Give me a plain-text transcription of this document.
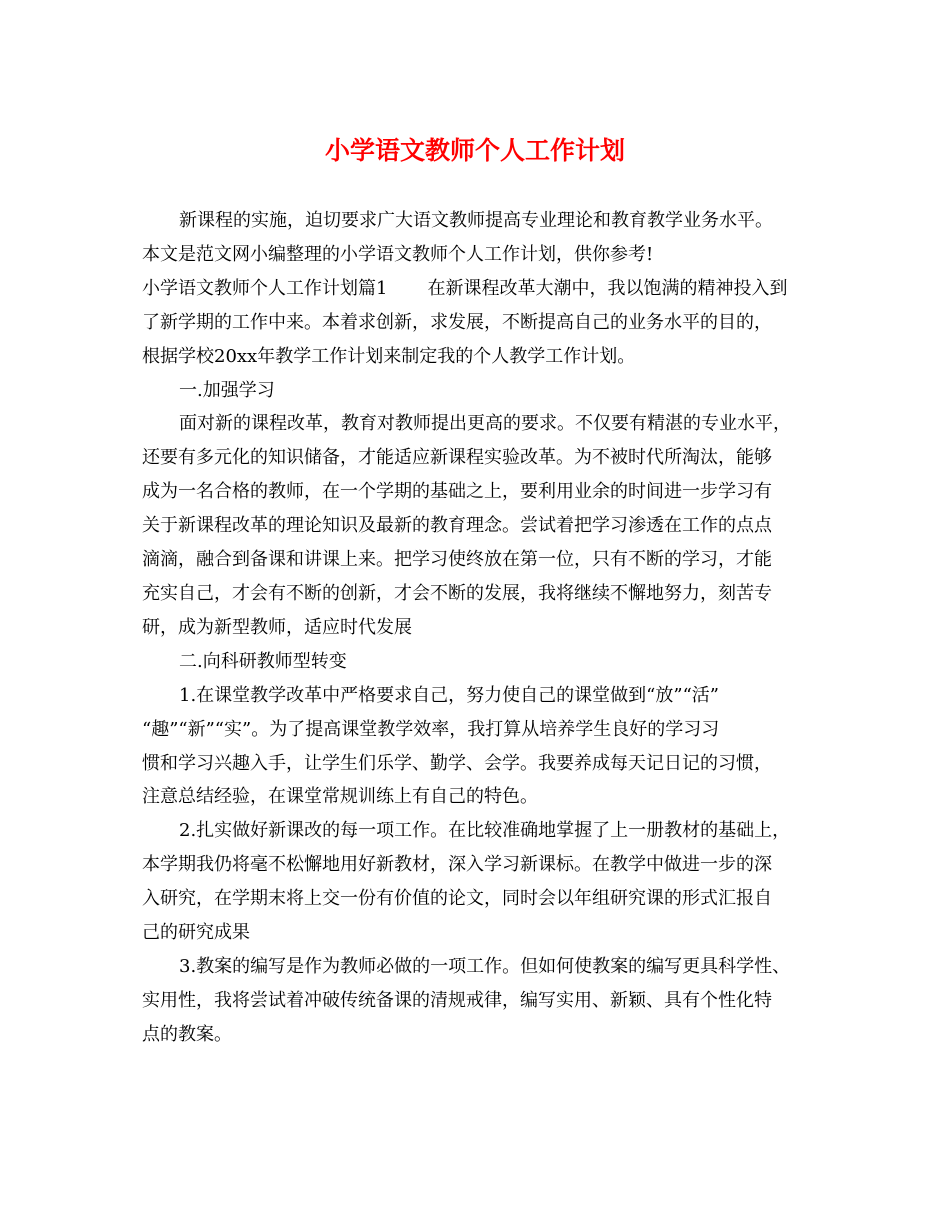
小学语文教师个人工作计划

新课程的实施，迫切要求广大语文教师提高专业理论和教育教学业务水平。

本文是范文网小编整理的小学语文教师个人工作计划，供你参考!

小学语文教师个人工作计划篇1 在新课程改革大潮中，我以饱满的精神投入到

了新学期的工作中来。本着求创新，求发展，不断提高自己的业务水平的目的，

根据学校20xx年教学工作计划来制定我的个人教学工作计划。

一.加强学习

面对新的课程改革，教育对教师提出更高的要求。不仅要有精湛的专业水平，

还要有多元化的知识储备，才能适应新课程实验改革。为不被时代所淘汰，能够

成为一名合格的教师，在一个学期的基础之上，要利用业余的时间进一步学习有

关于新课程改革的理论知识及最新的教育理念。尝试着把学习渗透在工作的点点

滴滴，融合到备课和讲课上来。把学习使终放在第一位，只有不断的学习，才能

充实自己，才会有不断的创新，才会不断的发展，我将继续不懈地努力，刻苦专

研，成为新型教师，适应时代发展

二.向科研教师型转变

1.在课堂教学改革中严格要求自己，努力使自己的课堂做到“放”“活”

“趣”“新”“实”。为了提高课堂教学效率，我打算从培养学生良好的学习习

惯和学习兴趣入手，让学生们乐学、勤学、会学。我要养成每天记日记的习惯，

注意总结经验，在课堂常规训练上有自己的特色。

2.扎实做好新课改的每一项工作。在比较准确地掌握了上一册教材的基础上，

本学期我仍将毫不松懈地用好新教材，深入学习新课标。在教学中做进一步的深

入研究，在学期末将上交一份有价值的论文，同时会以年组研究课的形式汇报自

己的研究成果

3.教案的编写是作为教师必做的一项工作。但如何使教案的编写更具科学性、

实用性，我将尝试着冲破传统备课的清规戒律，编写实用、新颖、具有个性化特

点的教案。
